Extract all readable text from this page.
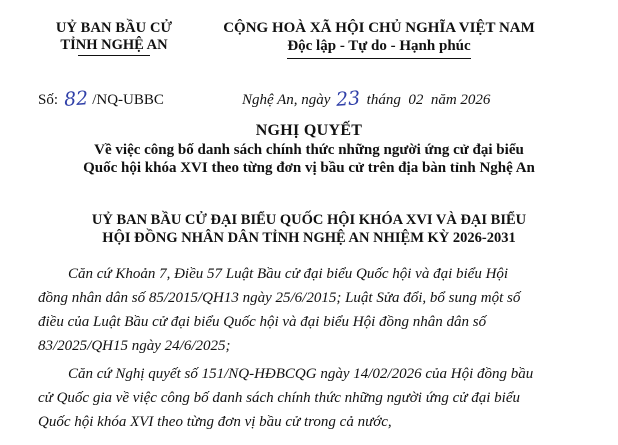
UỶ BAN BẦU CỬ
TỈNH NGHỆ AN
CỘNG HOÀ XÃ HỘI CHỦ NGHĨA VIỆT NAM
Độc lập - Tự do - Hạnh phúc
Số: 82 /NQ-UBBC	Nghệ An, ngày 23 tháng  02  năm 2026
NGHỊ QUYẾT
Về việc công bố danh sách chính thức những người ứng cử đại biểu
Quốc hội khóa XVI theo từng đơn vị bầu cử trên địa bàn tỉnh Nghệ An
UỶ BAN BẦU CỬ ĐẠI BIỂU QUỐC HỘI KHÓA XVI VÀ ĐẠI BIỂU
HỘI ĐỒNG NHÂN DÂN TỈNH NGHỆ AN NHIỆM KỲ 2026-2031
Căn cứ Khoản 7, Điều 57 Luật Bầu cử đại biểu Quốc hội và đại biểu Hội
đồng nhân dân số 85/2015/QH13 ngày 25/6/2015; Luật Sửa đổi, bổ sung một số
điều của Luật Bầu cử đại biểu Quốc hội và đại biểu Hội đồng nhân dân số
83/2025/QH15 ngày 24/6/2025;
Căn cứ Nghị quyết số 151/NQ-HĐBCQG ngày 14/02/2026 của Hội đồng bầu
cử Quốc gia về việc công bố danh sách chính thức những người ứng cử đại biểu
Quốc hội khóa XVI theo từng đơn vị bầu cử trong cả nước,
